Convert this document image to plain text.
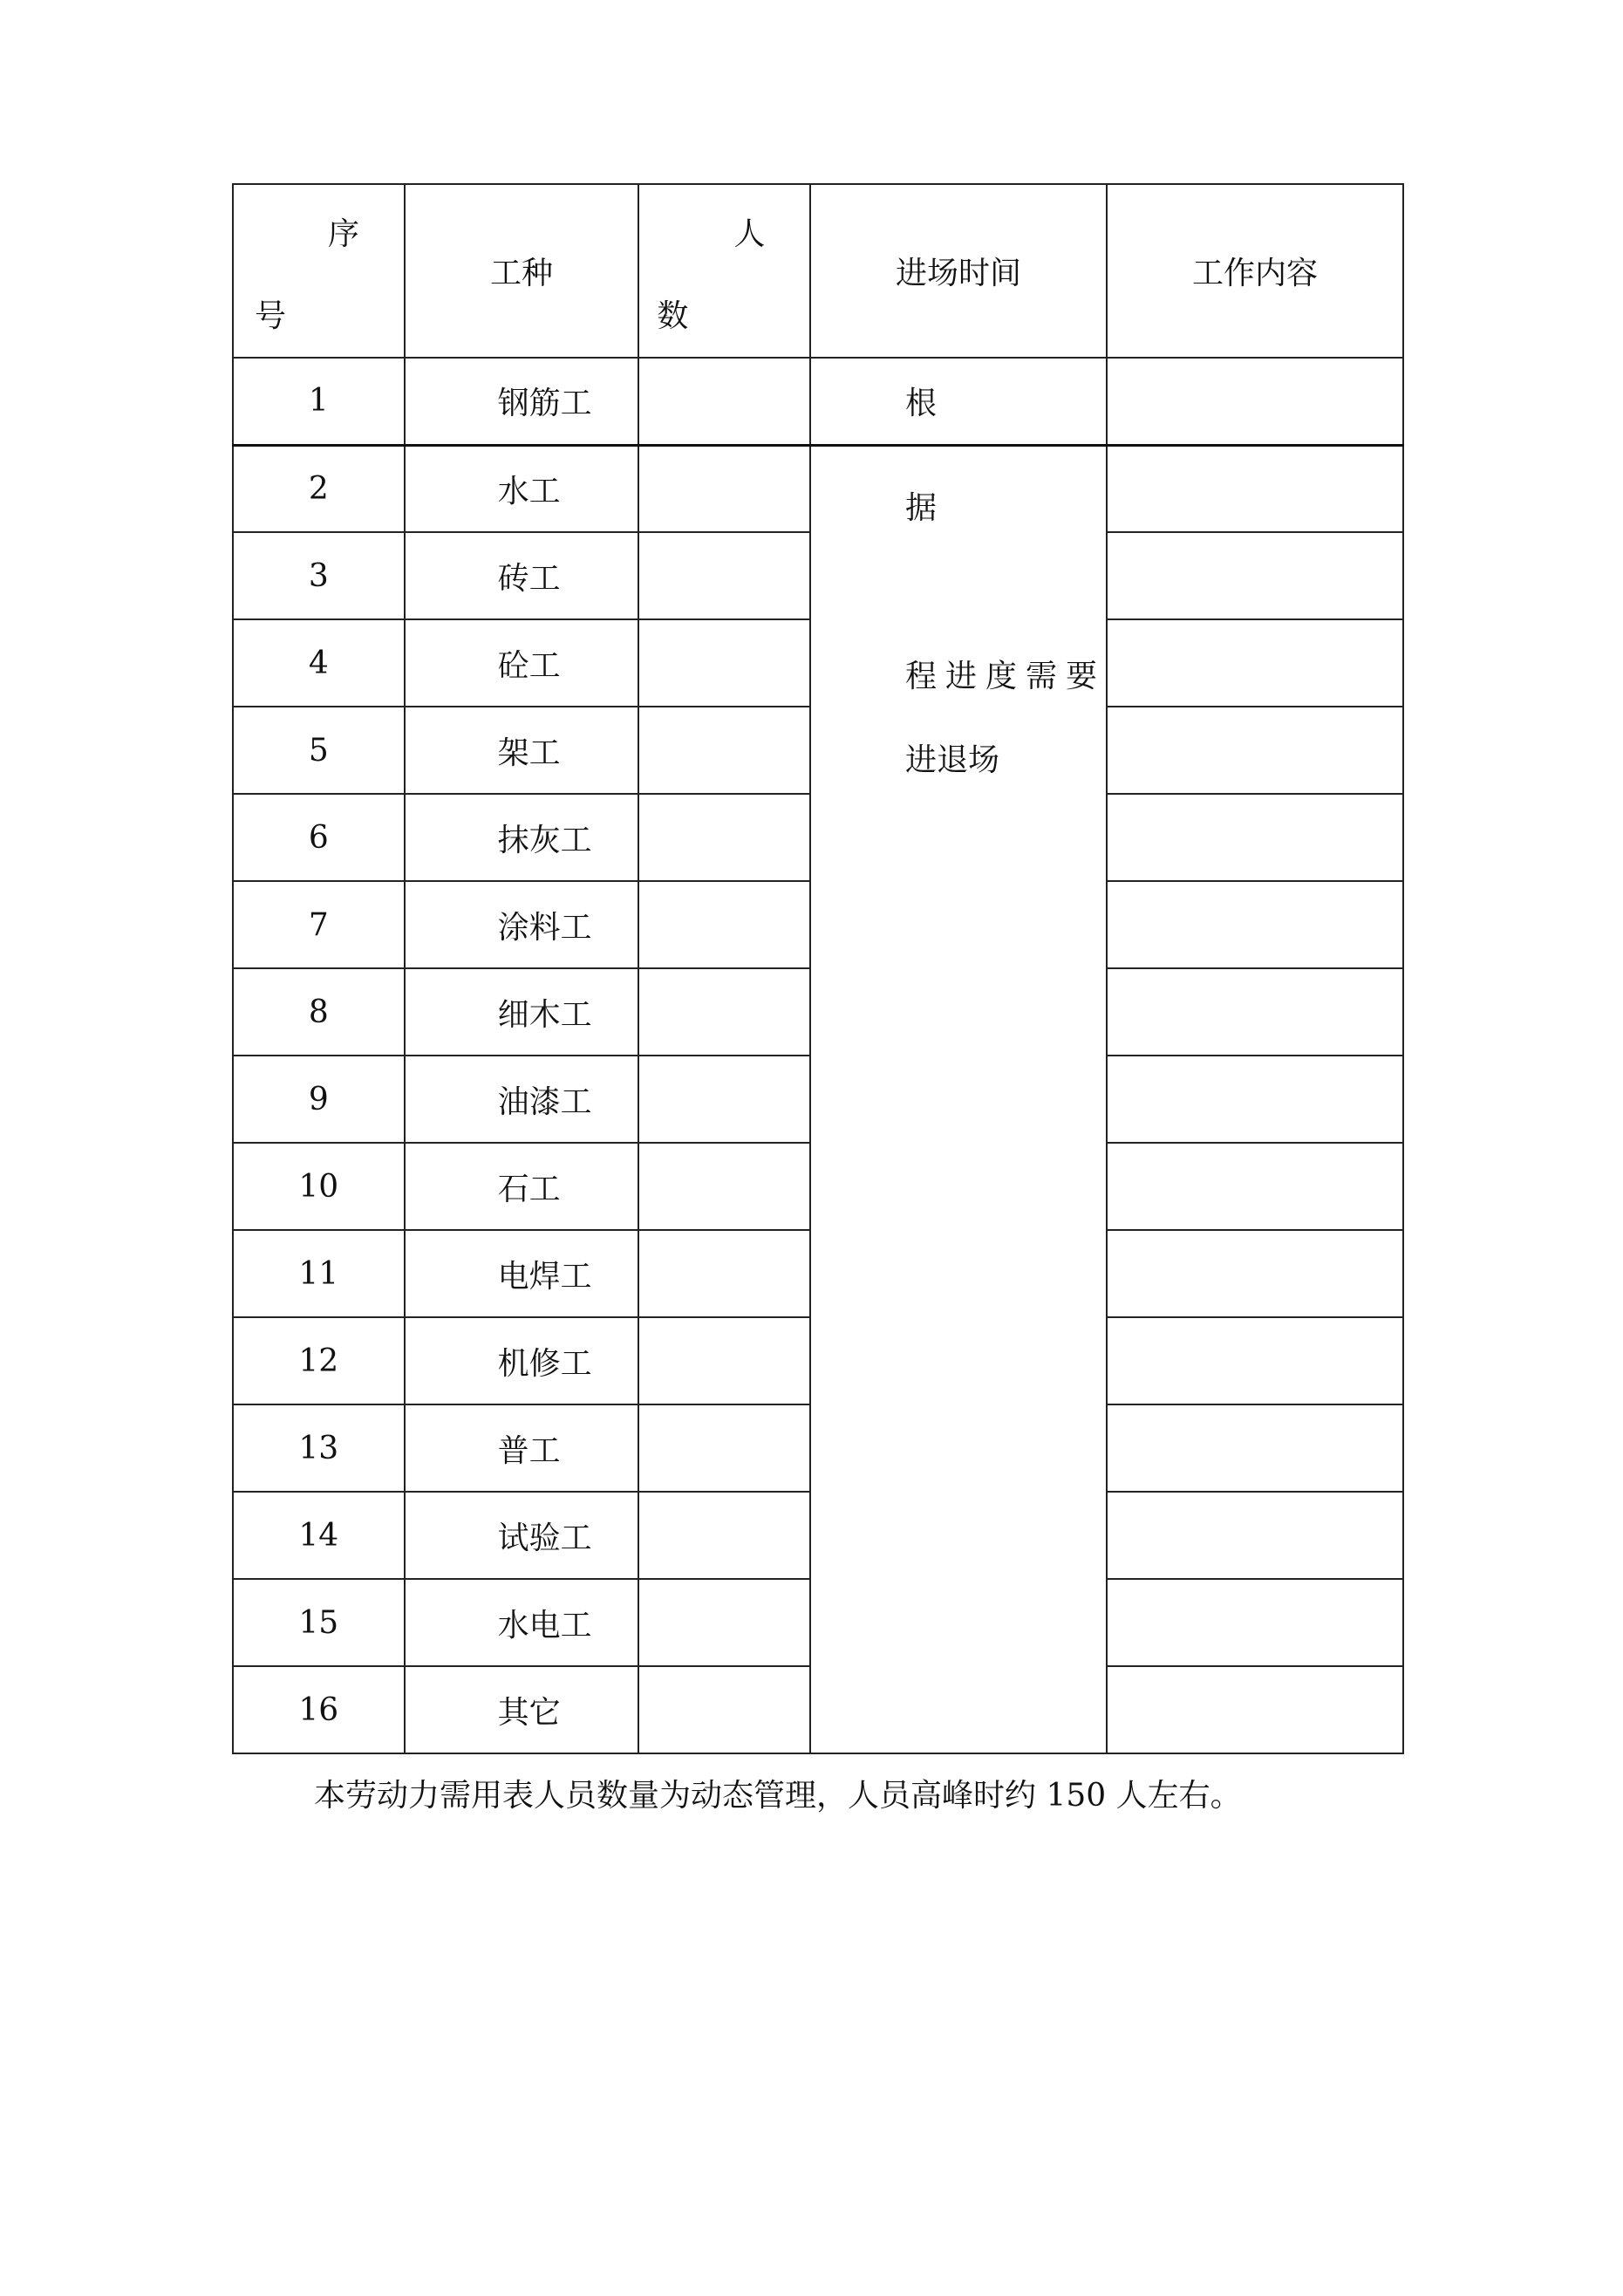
序
号	工种	人
数	进场时间	工作内容
1	钢筋工		根	
2	水工		据
程进度需要
进退场	

3	砖工			
4	砼工			
5	架工			
6	抹灰工			
7	涂料工			
8	细木工			
9	油漆工			
10	石工			
11	电焊工			
12	机修工			
13	普工			
14	试验工			
15	水电工			
16	其它			
本劳动力需用表人员数量为动态管理，人员高峰时约 150 人左右。
